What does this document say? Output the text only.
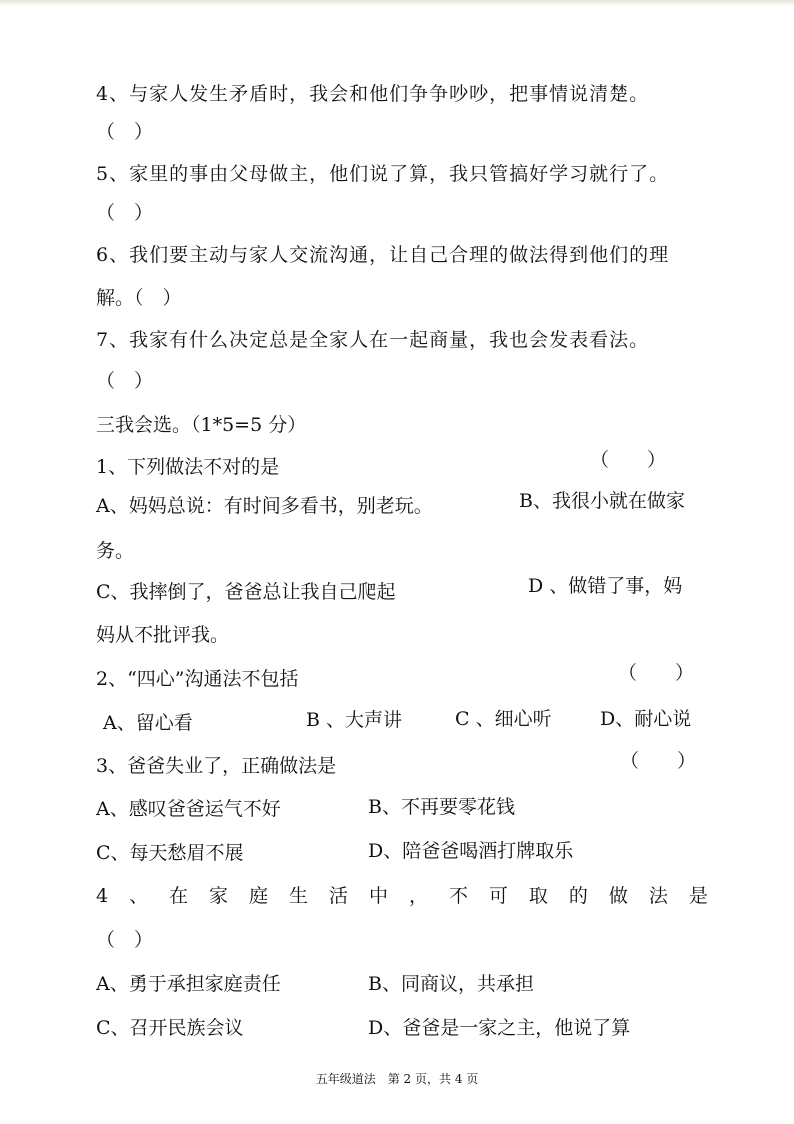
4、与家人发生矛盾时，我会和他们争争吵吵，把事情说清楚。
（　）
5、家里的事由父母做主，他们说了算，我只管搞好学习就行了。
（　）
6、我们要主动与家人交流沟通，让自己合理的做法得到他们的理
解。（　）
7、我家有什么决定总是全家人在一起商量，我也会发表看法。
（　）
三我会选。（1*5=5 分）
1、下列做法不对的是	（　　）
A、妈妈总说：有时间多看书，别老玩。	B、我很小就在做家
务。
C、我摔倒了，爸爸总让我自己爬起	D 、做错了事，妈
妈从不批评我。
2、“四心”沟通法不包括	（　　）
A、留心看	B 、大声讲	C 、细心听	D、耐心说
3、爸爸失业了，正确做法是	（　　）
A、感叹爸爸运气不好	B、不再要零花钱
C、每天愁眉不展	D、陪爸爸喝酒打牌取乐
4 、 在 家 庭 生 活 中 ， 不 可 取 的 做 法 是
（　）
A、勇于承担家庭责任	B、同商议，共承担
C、召开民族会议	D、爸爸是一家之主，他说了算
五年级道法　第 2 页，共 4 页
